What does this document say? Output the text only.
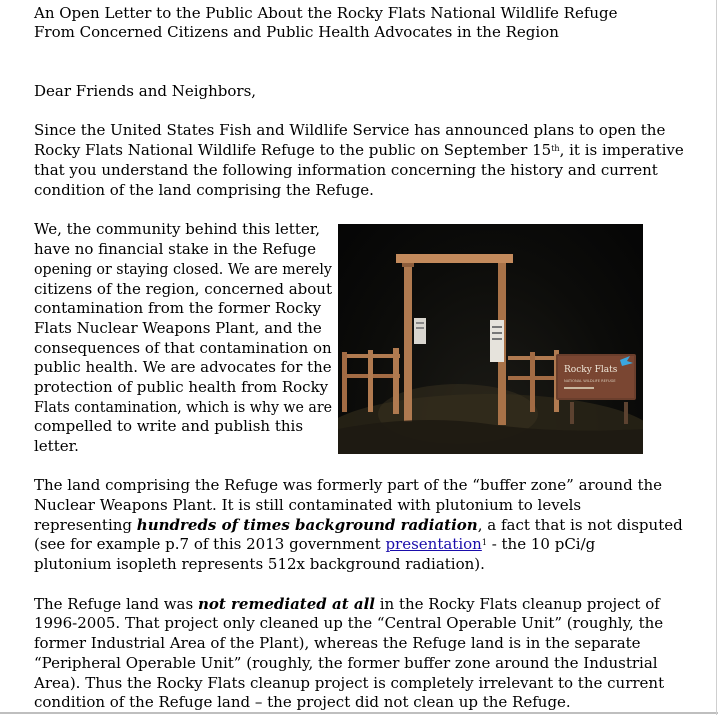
An Open Letter to the Public About the Rocky Flats National Wildlife Refuge
From Concerned Citizens and Public Health Advocates in the Region
Dear Friends and Neighbors,
Since the United States Fish and Wildlife Service has announced plans to open the
Rocky Flats National Wildlife Refuge to the public on September 15th, it is imperative
that you understand the following information concerning the history and current
condition of the land comprising the Refuge.
We, the community behind this letter,
have no financial stake in the Refuge
opening or staying closed. We are merely
citizens of the region, concerned about
contamination from the former Rocky
Flats Nuclear Weapons Plant, and the
consequences of that contamination on
public health. We are advocates for the
protection of public health from Rocky
Flats contamination, which is why we are
compelled to write and publish this
letter.
Rocky Flats
NATIONAL WILDLIFE REFUGE
The land comprising the Refuge was formerly part of the “buffer zone” around the
Nuclear Weapons Plant. It is still contaminated with plutonium to levels
representing hundreds of times background radiation, a fact that is not disputed
(see for example p.7 of this 2013 government presentation$^1$ - the 10 pCi/g
plutonium isopleth represents 512x background radiation).
The Refuge land was not remediated at all in the Rocky Flats cleanup project of
1996-2005. That project only cleaned up the “Central Operable Unit” (roughly, the
former Industrial Area of the Plant), whereas the Refuge land is in the separate
“Peripheral Operable Unit” (roughly, the former buffer zone around the Industrial
Area). Thus the Rocky Flats cleanup project is completely irrelevant to the current
condition of the Refuge land – the project did not clean up the Refuge.
